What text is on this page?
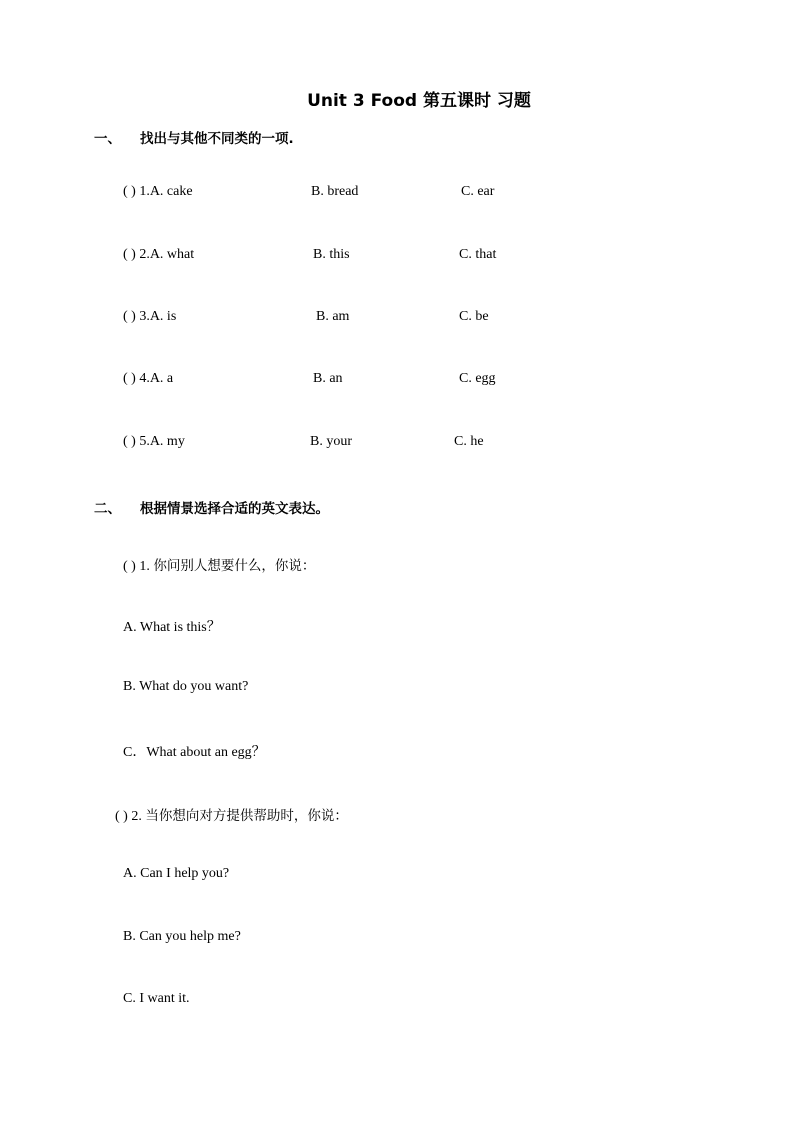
Unit 3 Food 第五课时 习题
一、 找出与其他不同类的一项.
( ) 1.A. cake	B. bread	C. ear
( ) 2.A. what	B. this	C. that
( ) 3.A. is	B. am	C. be
( ) 4.A. a	B. an	C. egg
( ) 5.A. my	B. your	C. he
二、 根据情景选择合适的英文表达。
( ) 1. 你问别人想要什么，你说：
A. What is this？
B. What do you want?
C．What about an egg？
( ) 2. 当你想向对方提供帮助时，你说：
A. Can I help you?
B. Can you help me?
C. I want it.
